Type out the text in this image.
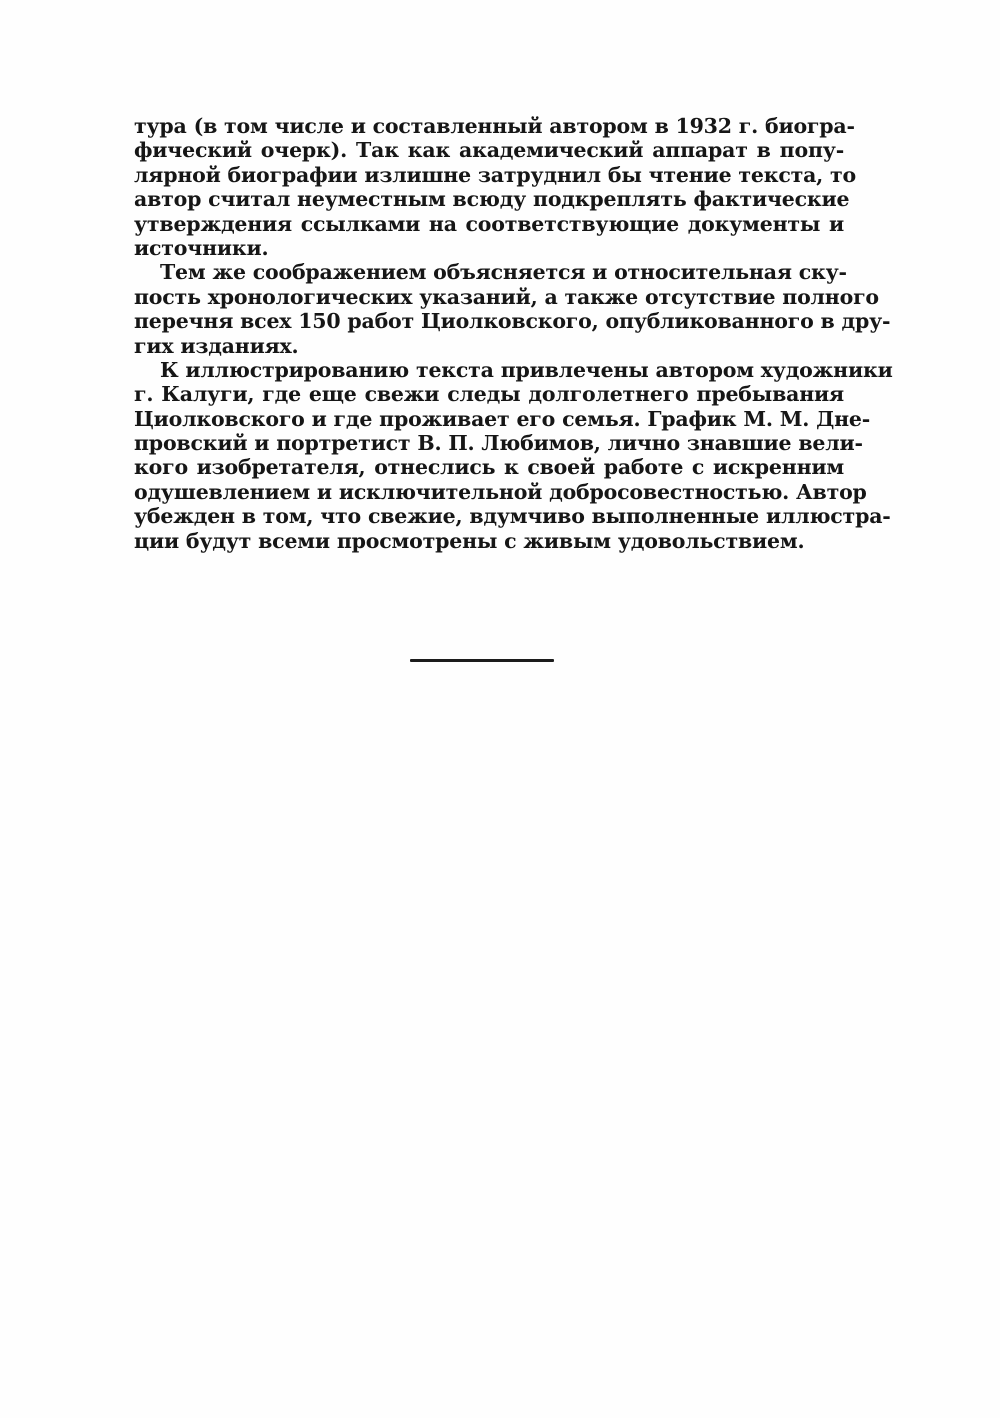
тура (в том числе и составленный автором в 1932 г. биогра-
фический очерк). Так как академический аппарат в попу-
лярной биографии излишне затруднил бы чтение текста, то
автор считал неуместным всюду подкреплять фактические
утверждения ссылками на соответствующие документы и
источники.
Тем же соображением объясняется и относительная ску-
пость хронологических указаний, а также отсутствие полного
перечня всех 150 работ Циолковского, опубликованного в дру-
гих изданиях.
К иллюстрированию текста привлечены автором художники
г. Калуги, где еще свежи следы долголетнего пребывания
Циолковского и где проживает его семья. График М. М. Дне-
провский и портретист В. П. Любимов, лично знавшие вели-
кого изобретателя, отнеслись к своей работе с искренним
одушевлением и исключительной добросовестностью. Автор
убежден в том, что свежие, вдумчиво выполненные иллюстра-
ции будут всеми просмотрены с живым удовольствием.
